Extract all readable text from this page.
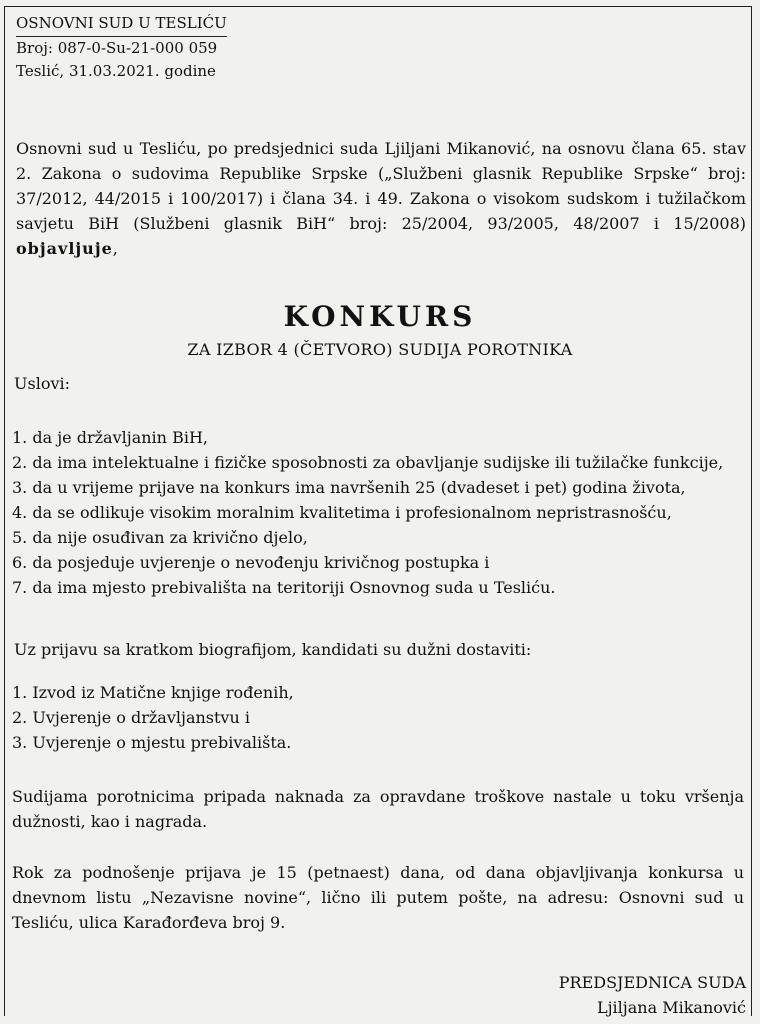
OSNOVNI SUD U TESLIĆU
Broj: 087-0-Su-21-000 059
Teslić, 31.03.2021. godine
Osnovni sud u Tesliću, po predsjednici suda Ljiljani Mikanović, na osnovu člana 65. stav 2. Zakona o sudovima Republike Srpske („Službeni glasnik Republike Srpske“ broj: 37/2012, 44/2015 i 100/2017) i člana 34. i 49. Zakona o visokom sudskom i tužilačkom savjetu BiH (Službeni glasnik BiH“ broj: 25/2004, 93/2005, 48/2007 i 15/2008) objavljuje,
KONKURS
ZA IZBOR 4 (ČETVORO) SUDIJA POROTNIKA
Uslovi:
1. da je državljanin BiH,
2. da ima intelektualne i fizičke sposobnosti za obavljanje sudijske ili tužilačke funkcije,
3. da u vrijeme prijave na konkurs ima navršenih 25 (dvadeset i pet) godina života,
4. da se odlikuje visokim moralnim kvalitetima i profesionalnom nepristrasnošću,
5. da nije osuđivan za krivično djelo,
6. da posjeduje uvjerenje o nevođenju krivičnog postupka i
7. da ima mjesto prebivališta na teritoriji Osnovnog suda u Tesliću.
Uz prijavu sa kratkom biografijom, kandidati su dužni dostaviti:
1. Izvod iz Matične knjige rođenih,
2. Uvjerenje o državljanstvu i
3. Uvjerenje o mjestu prebivališta.
Sudijama porotnicima pripada naknada za opravdane troškove nastale u toku vršenja dužnosti, kao i nagrada.
Rok za podnošenje prijava je 15 (petnaest) dana, od dana objavljivanja konkursa u dnevnom listu „Nezavisne novine“, lično ili putem pošte, na adresu: Osnovni sud u Tesliću, ulica Karađorđeva broj 9.
PREDSJEDNICA SUDA
Ljiljana Mikanović
